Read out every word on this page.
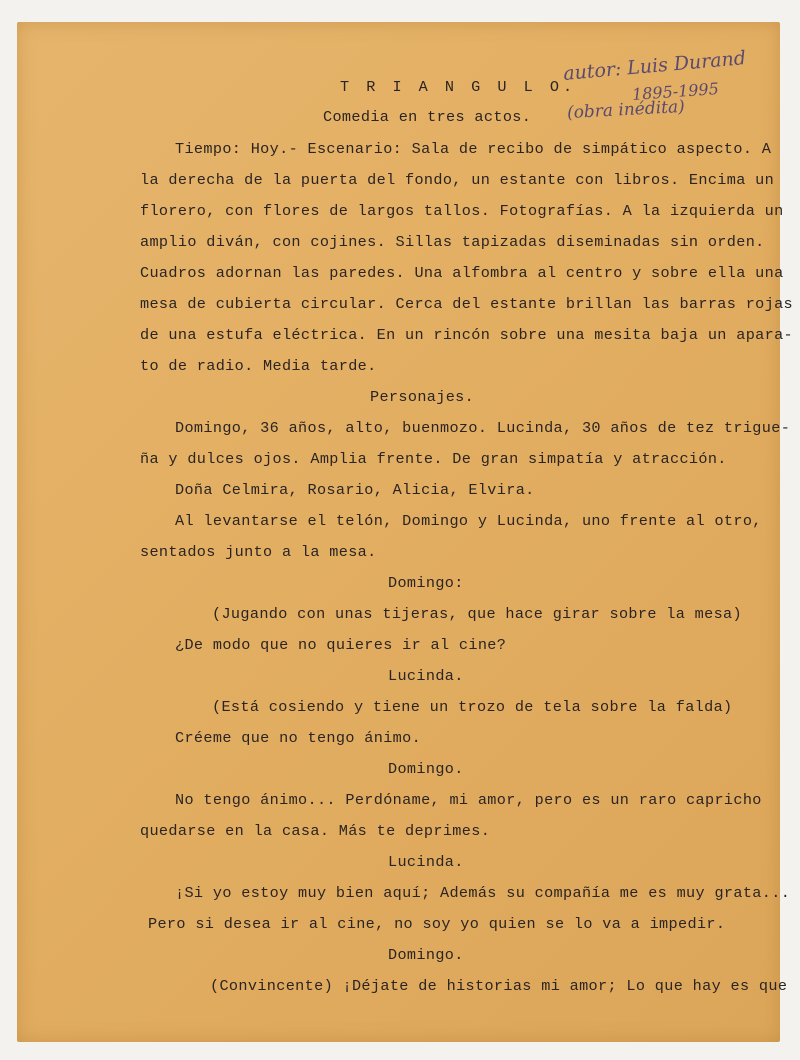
T R I A N G U L O.
Comedia en tres actos.
autor: Luis Durand
1895-1995
(obra inédita)
Tiempo: Hoy.- Escenario: Sala de recibo de simpático aspecto. A
la derecha de la puerta del fondo, un estante con libros. Encima un
florero, con flores de largos tallos. Fotografías. A la izquierda un
amplio diván, con cojines. Sillas tapizadas diseminadas sin orden.
Cuadros adornan las paredes. Una alfombra al centro y sobre ella una
mesa de cubierta circular. Cerca del estante brillan las barras rojas
de una estufa eléctrica. En un rincón sobre una mesita baja un apara-
to de radio. Media tarde.
Personajes.
Domingo, 36 años, alto, buenmozo. Lucinda, 30 años de tez trigue-
ña y dulces ojos. Amplia frente. De gran simpatía y atracción.
Doña Celmira, Rosario, Alicia, Elvira.
Al levantarse el telón, Domingo y Lucinda, uno frente al otro,
sentados junto a la mesa.
Domingo:
(Jugando con unas tijeras, que hace girar sobre la mesa)
¿De modo que no quieres ir al cine?
Lucinda.
(Está cosiendo y tiene un trozo de tela sobre la falda)
Créeme que no tengo ánimo.
Domingo.
No tengo ánimo... Perdóname, mi amor, pero es un raro capricho
quedarse en la casa. Más te deprimes.
Lucinda.
¡Si yo estoy muy bien aquí; Además su compañía me es muy grata...
Pero si desea ir al cine, no soy yo quien se lo va a impedir.
Domingo.
(Convincente) ¡Déjate de historias mi amor; Lo que hay es que
